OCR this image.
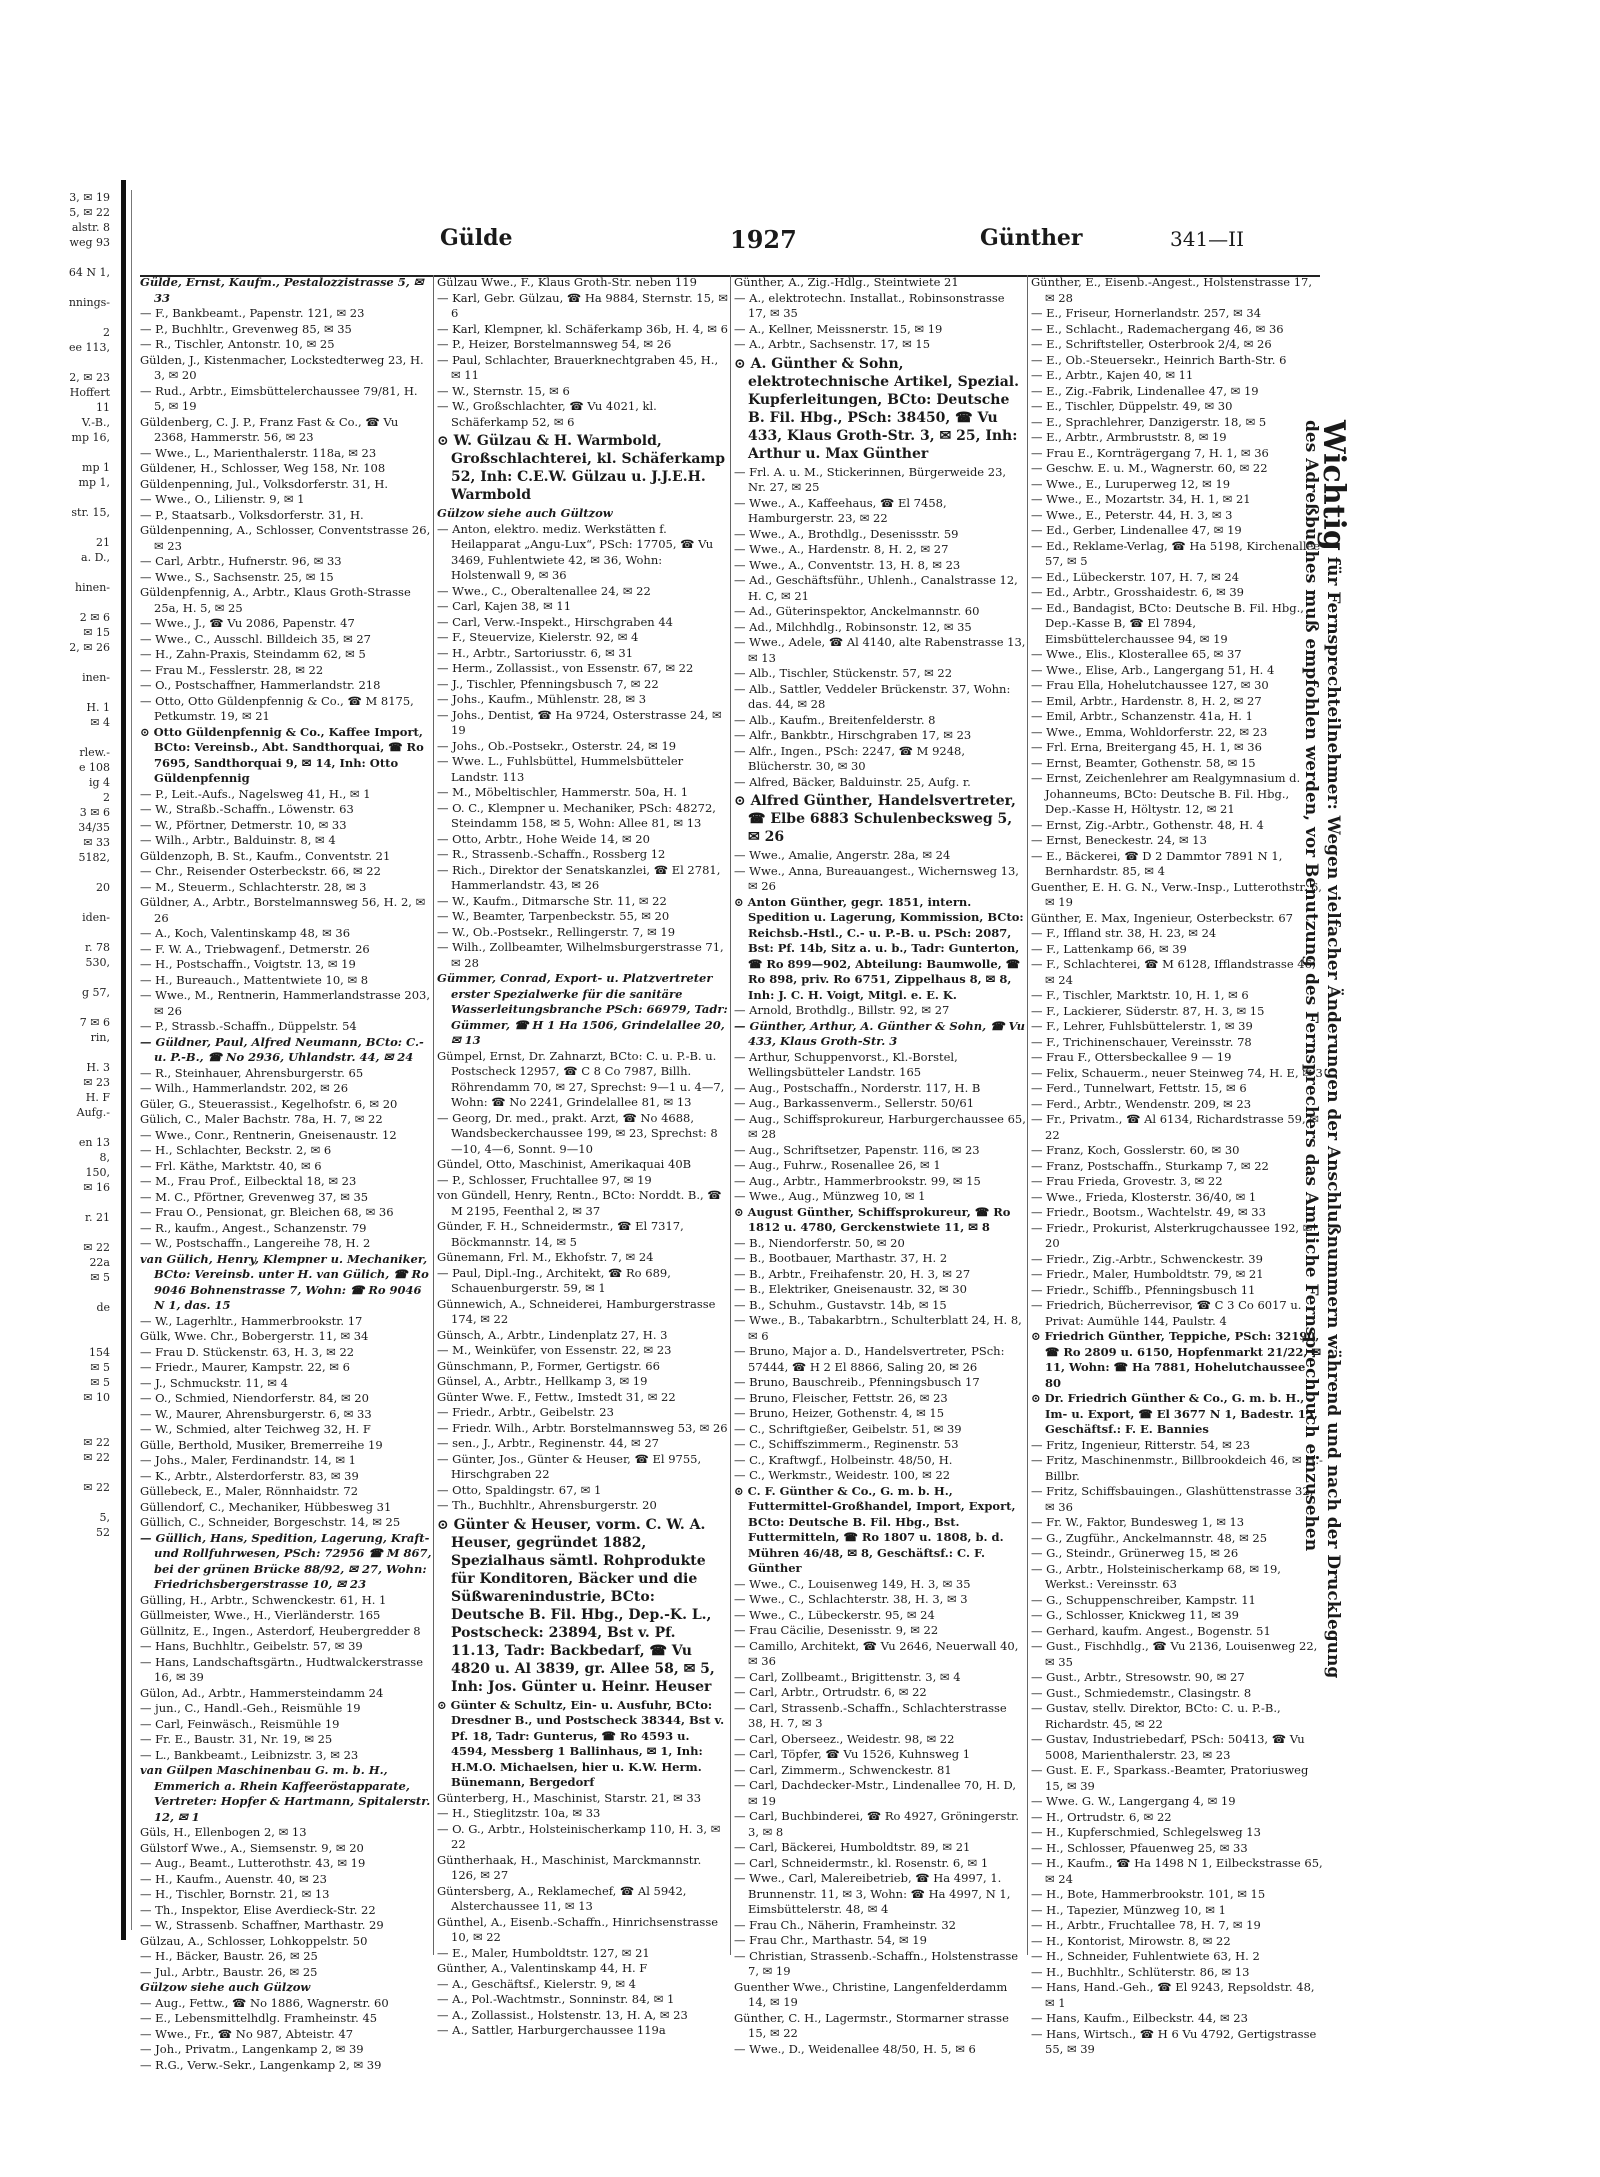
3, ✉ 19
5, ✉ 22
alstr. 8
weg 93

64 N 1,

nnings-

2
ee 113,

2, ✉ 23
Hoffert
11
V.-B.,
mp 16,

mp 1
mp 1,

str. 15,

21
a. D.,

hinen-

2 ✉ 6
✉ 15
2, ✉ 26

inen-

H. 1
✉ 4

rlew.-
e 108
ig 4
2
3 ✉ 6
34/35
✉ 33
5182,

20

iden-

r. 78
530,

g 57,

7 ✉ 6
rin,

H. 3
✉ 23
H. F
Aufg.-

en 13
8,
150,
✉ 16

r. 21

✉ 22
22a
✉ 5

de

154
✉ 5
✉ 5
✉ 10

✉ 22
✉ 22

✉ 22

5,
52
Gülde	1927	Günther	341—II

Gülde, Ernst, Kaufm., Pestalozzistrasse 5, ✉ 33

— F., Bankbeamt., Papenstr. 121, ✉ 23

— P., Buchhltr., Grevenweg 85, ✉ 35

— R., Tischler, Antonstr. 10, ✉ 25

Gülden, J., Kistenmacher, Lockstedterweg 23, H. 3, ✉ 20

— Rud., Arbtr., Eimsbüttelerchaussee 79/81, H. 5, ✉ 19

Güldenberg, C. J. P., Franz Fast & Co., ☎ Vu 2368, Hammerstr. 56, ✉ 23

— Wwe., L., Marienthalerstr. 118a, ✉ 23

Güldener, H., Schlosser, Weg 158, Nr. 108

Güldenpenning, Jul., Volksdorferstr. 31, H.

— Wwe., O., Lilienstr. 9, ✉ 1

— P., Staatsarb., Volksdorferstr. 31, H.

Güldenpenning, A., Schlosser, Conventstrasse 26, ✉ 23

— Carl, Arbtr., Hufnerstr. 96, ✉ 33

— Wwe., S., Sachsenstr. 25, ✉ 15

Güldenpfennig, A., Arbtr., Klaus Groth-Strasse 25a, H. 5, ✉ 25

— Wwe., J., ☎ Vu 2086, Papenstr. 47

— Wwe., C., Ausschl. Billdeich 35, ✉ 27

— H., Zahn-Praxis, Steindamm 62, ✉ 5

— Frau M., Fesslerstr. 28, ✉ 22

— O., Postschaffner, Hammerlandstr. 218

— Otto, Otto Güldenpfennig & Co., ☎ M 8175, Petkumstr. 19, ✉ 21

⊙ Otto Güldenpfennig & Co., Kaffee Import, BCto: Vereinsb., Abt. Sandthorquai, ☎ Ro 7695, Sandthorquai 9, ✉ 14, Inh: Otto Güldenpfennig

— P., Leit.-Aufs., Nagelsweg 41, H., ✉ 1

— W., Straßb.-Schaffn., Löwenstr. 63

— W., Pförtner, Detmerstr. 10, ✉ 33

— Wilh., Arbtr., Balduinstr. 8, ✉ 4

Güldenzoph, B. St., Kaufm., Conventstr. 21

— Chr., Reisender Osterbeckstr. 66, ✉ 22

— M., Steuerm., Schlachterstr. 28, ✉ 3

Güldner, A., Arbtr., Borstelmannsweg 56, H. 2, ✉ 26

— A., Koch, Valentinskamp 48, ✉ 36

— F. W. A., Triebwagenf., Detmerstr. 26

— H., Postschaffn., Voigtstr. 13, ✉ 19

— H., Bureauch., Mattentwiete 10, ✉ 8

— Wwe., M., Rentnerin, Hammerlandstrasse 203, ✉ 26

— P., Strassb.-Schaffn., Düppelstr. 54

— Güldner, Paul, Alfred Neumann, BCto: C.- u. P.-B., ☎ No 2936, Uhlandstr. 44, ✉ 24

— R., Steinhauer, Ahrensburgerstr. 65

— Wilh., Hammerlandstr. 202, ✉ 26

Güler, G., Steuerassist., Kegelhofstr. 6, ✉ 20

Gülich, C., Maler Bachstr. 78a, H. 7, ✉ 22

— Wwe., Conr., Rentnerin, Gneisenaustr. 12

— H., Schlachter, Beckstr. 2, ✉ 6

— Frl. Käthe, Marktstr. 40, ✉ 6

— M., Frau Prof., Eilbecktal 18, ✉ 23

— M. C., Pförtner, Grevenweg 37, ✉ 35

— Frau O., Pensionat, gr. Bleichen 68, ✉ 36

— R., kaufm., Angest., Schanzenstr. 79

— W., Postschaffn., Langereihe 78, H. 2

van Gülich, Henry, Klempner u. Mechaniker, BCto: Vereinsb. unter H. van Gülich, ☎ Ro 9046 Bohnenstrasse 7, Wohn: ☎ Ro 9046 N 1, das. 15

— W., Lagerhltr., Hammerbrookstr. 17

Gülk, Wwe. Chr., Bobergerstr. 11, ✉ 34

— Frau D. Stückenstr. 63, H. 3, ✉ 22

— Friedr., Maurer, Kampstr. 22, ✉ 6

— J., Schmuckstr. 11, ✉ 4

— O., Schmied, Niendorferstr. 84, ✉ 20

— W., Maurer, Ahrensburgerstr. 6, ✉ 33

— W., Schmied, alter Teichweg 32, H. F

Gülle, Berthold, Musiker, Bremerreihe 19

— Johs., Maler, Ferdinandstr. 14, ✉ 1

— K., Arbtr., Alsterdorferstr. 83, ✉ 39

Güllebeck, E., Maler, Rönnhaidstr. 72

Güllendorf, C., Mechaniker, Hübbesweg 31

Güllich, C., Schneider, Borgeschstr. 14, ✉ 25

— Güllich, Hans, Spedition, Lagerung, Kraft- und Rollfuhrwesen, PSch: 72956 ☎ M 867, bei der grünen Brücke 88/92, ✉ 27, Wohn: Friedrichsbergerstrasse 10, ✉ 23

Gülling, H., Arbtr., Schwenckestr. 61, H. 1

Güllmeister, Wwe., H., Vierländerstr. 165

Güllnitz, E., Ingen., Asterdorf, Heubergredder 8

— Hans, Buchhltr., Geibelstr. 57, ✉ 39

— Hans, Landschaftsgärtn., Hudtwalckerstrasse 16, ✉ 39

Gülon, Ad., Arbtr., Hammersteindamm 24

— jun., C., Handl.-Geh., Reismühle 19

— Carl, Feinwäsch., Reismühle 19

— Fr. E., Baustr. 31, Nr. 19, ✉ 25

— L., Bankbeamt., Leibnizstr. 3, ✉ 23

van Gülpen Maschinenbau G. m. b. H., Emmerich a. Rhein Kaffeeröstapparate, Vertreter: Hopfer & Hartmann, Spitalerstr. 12, ✉ 1

Güls, H., Ellenbogen 2, ✉ 13

Gülstorf Wwe., A., Siemsenstr. 9, ✉ 20

— Aug., Beamt., Lutterothstr. 43, ✉ 19

— H., Kaufm., Auenstr. 40, ✉ 23

— H., Tischler, Bornstr. 21, ✉ 13

— Th., Inspektor, Elise Averdieck-Str. 22

— W., Strassenb. Schaffner, Marthastr. 29

Gülzau, A., Schlosser, Lohkoppelstr. 50

— H., Bäcker, Baustr. 26, ✉ 25

— Jul., Arbtr., Baustr. 26, ✉ 25

Gülzow siehe auch Gülzow

— Aug., Fettw., ☎ No 1886, Wagnerstr. 60

— E., Lebensmittelhdlg. Framheinstr. 45

— Wwe., Fr., ☎ No 987, Abteistr. 47

— Joh., Privatm., Langenkamp 2, ✉ 39

— R.G., Verw.-Sekr., Langenkamp 2, ✉ 39

Gülzau Wwe., F., Klaus Groth-Str. neben 119

— Karl, Gebr. Gülzau, ☎ Ha 9884, Sternstr. 15, ✉ 6

— Karl, Klempner, kl. Schäferkamp 36b, H. 4, ✉ 6

— P., Heizer, Borstelmannsweg 54, ✉ 26

— Paul, Schlachter, Brauerknechtgraben 45, H., ✉ 11

— W., Sternstr. 15, ✉ 6

— W., Großschlachter, ☎ Vu 4021, kl. Schäferkamp 52, ✉ 6

⊙ W. Gülzau & H. Warmbold, Großschlachterei, kl. Schäferkamp 52, Inh: C.E.W. Gülzau u. J.J.E.H. Warmbold

Gülzow siehe auch Gültzow

— Anton, elektro. mediz. Werkstätten f. Heilapparat „Angu-Lux“, PSch: 17705, ☎ Vu 3469, Fuhlentwiete 42, ✉ 36, Wohn: Holstenwall 9, ✉ 36

— Wwe., C., Oberaltenallee 24, ✉ 22

— Carl, Kajen 38, ✉ 11

— Carl, Verw.-Inspekt., Hirschgraben 44

— F., Steuervize, Kielerstr. 92, ✉ 4

— H., Arbtr., Sartoriusstr. 6, ✉ 31

— Herm., Zollassist., von Essenstr. 67, ✉ 22

— J., Tischler, Pfenningsbusch 7, ✉ 22

— Johs., Kaufm., Mühlenstr. 28, ✉ 3

— Johs., Dentist, ☎ Ha 9724, Osterstrasse 24, ✉ 19

— Johs., Ob.-Postsekr., Osterstr. 24, ✉ 19

— Wwe. L., Fuhlsbüttel, Hummelsbütteler Landstr. 113

— M., Möbeltischler, Hammerstr. 50a, H. 1

— O. C., Klempner u. Mechaniker, PSch: 48272, Steindamm 158, ✉ 5, Wohn: Allee 81, ✉ 13

— Otto, Arbtr., Hohe Weide 14, ✉ 20

— R., Strassenb.-Schaffn., Rossberg 12

— Rich., Direktor der Senatskanzlei, ☎ El 2781, Hammerlandstr. 43, ✉ 26

— W., Kaufm., Ditmarsche Str. 11, ✉ 22

— W., Beamter, Tarpenbeckstr. 55, ✉ 20

— W., Ob.-Postsekr., Rellingerstr. 7, ✉ 19

— Wilh., Zollbeamter, Wilhelmsburgerstrasse 71, ✉ 28

Gümmer, Conrad, Export- u. Platzvertreter erster Spezialwerke für die sanitäre Wasserleitungsbranche PSch: 66979, Tadr: Gümmer, ☎ H 1 Ha 1506, Grindelallee 20, ✉ 13

Gümpel, Ernst, Dr. Zahnarzt, BCto: C. u. P.-B. u. Postscheck 12957, ☎ C 8 Co 7987, Billh. Röhrendamm 70, ✉ 27, Sprechst: 9—1 u. 4—7, Wohn: ☎ No 2241, Grindelallee 81, ✉ 13

— Georg, Dr. med., prakt. Arzt, ☎ No 4688, Wandsbeckerchaussee 199, ✉ 23, Sprechst: 8—10, 4—6, Sonnt. 9—10

Gündel, Otto, Maschinist, Amerikaquai 40B

— P., Schlosser, Fruchtallee 97, ✉ 19

von Gündell, Henry, Rentn., BCto: Norddt. B., ☎ M 2195, Feenthal 2, ✉ 37

Günder, F. H., Schneidermstr., ☎ El 7317, Böckmannstr. 14, ✉ 5

Günemann, Frl. M., Ekhofstr. 7, ✉ 24

— Paul, Dipl.-Ing., Architekt, ☎ Ro 689, Schauenburgerstr. 59, ✉ 1

Günnewich, A., Schneiderei, Hamburgerstrasse 174, ✉ 22

Günsch, A., Arbtr., Lindenplatz 27, H. 3

— M., Weinküfer, von Essenstr. 22, ✉ 23

Günschmann, P., Former, Gertigstr. 66

Günsel, A., Arbtr., Hellkamp 3, ✉ 19

Günter Wwe. F., Fettw., Imstedt 31, ✉ 22

— Friedr., Arbtr., Geibelstr. 23

— Friedr. Wilh., Arbtr. Borstelmannsweg 53, ✉ 26

— sen., J., Arbtr., Reginenstr. 44, ✉ 27

— Günter, Jos., Günter & Heuser, ☎ El 9755, Hirschgraben 22

— Otto, Spaldingstr. 67, ✉ 1

— Th., Buchhltr., Ahrensburgerstr. 20

⊙ Günter & Heuser, vorm. C. W. A. Heuser, gegründet 1882, Spezialhaus sämtl. Rohprodukte für Konditoren, Bäcker und die Süßwarenindustrie, BCto: Deutsche B. Fil. Hbg., Dep.-K. L., Postscheck: 23894, Bst v. Pf. 11.13, Tadr: Backbedarf, ☎ Vu 4820 u. Al 3839, gr. Allee 58, ✉ 5, Inh: Jos. Günter u. Heinr. Heuser

⊙ Günter & Schultz, Ein- u. Ausfuhr, BCto: Dresdner B., und Postscheck 38344, Bst v. Pf. 18, Tadr: Gunterus, ☎ Ro 4593 u. 4594, Messberg 1 Ballinhaus, ✉ 1, Inh: H.M.O. Michaelsen, hier u. K.W. Herm. Bünemann, Bergedorf

Günterberg, H., Maschinist, Starstr. 21, ✉ 33

— H., Stieglitzstr. 10a, ✉ 33

— O. G., Arbtr., Holsteinischerkamp 110, H. 3, ✉ 22

Güntherhaak, H., Maschinist, Marckmannstr. 126, ✉ 27

Güntersberg, A., Reklamechef, ☎ Al 5942, Alsterchaussee 11, ✉ 13

Günthel, A., Eisenb.-Schaffn., Hinrichsenstrasse 10, ✉ 22

— E., Maler, Humboldtstr. 127, ✉ 21

Günther, A., Valentinskamp 44, H. F

— A., Geschäftsf., Kielerstr. 9, ✉ 4

— A., Pol.-Wachtmstr., Sonninstr. 84, ✉ 1

— A., Zollassist., Holstenstr. 13, H. A, ✉ 23

— A., Sattler, Harburgerchaussee 119a

Günther, A., Zig.-Hdlg., Steintwiete 21

— A., elektrotechn. Installat., Robinsonstrasse 17, ✉ 35

— A., Kellner, Meissnerstr. 15, ✉ 19

— A., Arbtr., Sachsenstr. 17, ✉ 15

⊙ A. Günther & Sohn, elektrotechnische Artikel, Spezial. Kupferleitungen, BCto: Deutsche B. Fil. Hbg., PSch: 38450, ☎ Vu 433, Klaus Groth-Str. 3, ✉ 25, Inh: Arthur u. Max Günther

— Frl. A. u. M., Stickerinnen, Bürgerweide 23, Nr. 27, ✉ 25

— Wwe., A., Kaffeehaus, ☎ El 7458, Hamburgerstr. 23, ✉ 22

— Wwe., A., Brothdlg., Desenissstr. 59

— Wwe., A., Hardenstr. 8, H. 2, ✉ 27

— Wwe., A., Conventstr. 13, H. 8, ✉ 23

— Ad., Geschäftsführ., Uhlenh., Canalstrasse 12, H. C, ✉ 21

— Ad., Güterinspektor, Anckelmannstr. 60

— Ad., Milchhdlg., Robinsonstr. 12, ✉ 35

— Wwe., Adele, ☎ Al 4140, alte Rabenstrasse 13, ✉ 13

— Alb., Tischler, Stückenstr. 57, ✉ 22

— Alb., Sattler, Veddeler Brückenstr. 37, Wohn: das. 44, ✉ 28

— Alb., Kaufm., Breitenfelderstr. 8

— Alfr., Bankbtr., Hirschgraben 17, ✉ 23

— Alfr., Ingen., PSch: 2247, ☎ M 9248, Blücherstr. 30, ✉ 30

— Alfred, Bäcker, Balduinstr. 25, Aufg. r.

⊙ Alfred Günther, Handelsvertreter, ☎ Elbe 6883 Schulenbecksweg 5, ✉ 26

— Wwe., Amalie, Angerstr. 28a, ✉ 24

— Wwe., Anna, Bureauangest., Wichernsweg 13, ✉ 26

⊙ Anton Günther, gegr. 1851, intern. Spedition u. Lagerung, Kommission, BCto: Reichsb.-Hstl., C.- u. P.-B. u. PSch: 2087, Bst: Pf. 14b, Sitz a. u. b., Tadr: Gunterton, ☎ Ro 899—902, Abteilung: Baumwolle, ☎ Ro 898, priv. Ro 6751, Zippelhaus 8, ✉ 8, Inh: J. C. H. Voigt, Mitgl. e. E. K.

— Arnold, Brothdlg., Billstr. 92, ✉ 27

— Günther, Arthur, A. Günther & Sohn, ☎ Vu 433, Klaus Groth-Str. 3

— Arthur, Schuppenvorst., Kl.-Borstel, Wellingsbütteler Landstr. 165

— Aug., Postschaffn., Norderstr. 117, H. B

— Aug., Barkassenverm., Sellerstr. 50/61

— Aug., Schiffsprokureur, Harburgerchaussee 65, ✉ 28

— Aug., Schriftsetzer, Papenstr. 116, ✉ 23

— Aug., Fuhrw., Rosenallee 26, ✉ 1

— Aug., Arbtr., Hammerbrookstr. 99, ✉ 15

— Wwe., Aug., Münzweg 10, ✉ 1

⊙ August Günther, Schiffsprokureur, ☎ Ro 1812 u. 4780, Gerckenstwiete 11, ✉ 8

— B., Niendorferstr. 50, ✉ 20

— B., Bootbauer, Marthastr. 37, H. 2

— B., Arbtr., Freihafenstr. 20, H. 3, ✉ 27

— B., Elektriker, Gneisenaustr. 32, ✉ 30

— B., Schuhm., Gustavstr. 14b, ✉ 15

— Wwe., B., Tabakarbtrn., Schulterblatt 24, H. 8, ✉ 6

— Bruno, Major a. D., Handelsvertreter, PSch: 57444, ☎ H 2 El 8866, Saling 20, ✉ 26

— Bruno, Bauschreib., Pfenningsbusch 17

— Bruno, Fleischer, Fettstr. 26, ✉ 23

— Bruno, Heizer, Gothenstr. 4, ✉ 15

— C., Schriftgießer, Geibelstr. 51, ✉ 39

— C., Schiffszimmerm., Reginenstr. 53

— C., Kraftwgf., Holbeinstr. 48/50, H.

— C., Werkmstr., Weidestr. 100, ✉ 22

⊙ C. F. Günther & Co., G. m. b. H., Futtermittel-Großhandel, Import, Export, BCto: Deutsche B. Fil. Hbg., Bst. Futtermitteln, ☎ Ro 1807 u. 1808, b. d. Mühren 46/48, ✉ 8, Geschäftsf.: C. F. Günther

— Wwe., C., Louisenweg 149, H. 3, ✉ 35

— Wwe., C., Schlachterstr. 38, H. 3, ✉ 3

— Wwe., C., Lübeckerstr. 95, ✉ 24

— Frau Cäcilie, Desenisstr. 9, ✉ 22

— Camillo, Architekt, ☎ Vu 2646, Neuerwall 40, ✉ 36

— Carl, Zollbeamt., Brigittenstr. 3, ✉ 4

— Carl, Arbtr., Ortrudstr. 6, ✉ 22

— Carl, Strassenb.-Schaffn., Schlachterstrasse 38, H. 7, ✉ 3

— Carl, Oberseez., Weidestr. 98, ✉ 22

— Carl, Töpfer, ☎ Vu 1526, Kuhnsweg 1

— Carl, Zimmerm., Schwenckestr. 81

— Carl, Dachdecker-Mstr., Lindenallee 70, H. D, ✉ 19

— Carl, Buchbinderei, ☎ Ro 4927, Gröningerstr. 3, ✉ 8

— Carl, Bäckerei, Humboldtstr. 89, ✉ 21

— Carl, Schneidermstr., kl. Rosenstr. 6, ✉ 1

— Wwe., Carl, Malereibetrieb, ☎ Ha 4997, 1. Brunnenstr. 11, ✉ 3, Wohn: ☎ Ha 4997, N 1, Eimsbüttelerstr. 48, ✉ 4

— Frau Ch., Näherin, Framheinstr. 32

— Frau Chr., Marthastr. 54, ✉ 19

— Christian, Strassenb.-Schaffn., Holstenstrasse 7, ✉ 19

Guenther Wwe., Christine, Langenfelderdamm 14, ✉ 19

Günther, C. H., Lagermstr., Stormarner strasse 15, ✉ 22

— Wwe., D., Weidenallee 48/50, H. 5, ✉ 6

Günther, E., Eisenb.-Angest., Holstenstrasse 17, ✉ 28

— E., Friseur, Hornerlandstr. 257, ✉ 34

— E., Schlacht., Rademachergang 46, ✉ 36

— E., Schriftsteller, Osterbrook 2/4, ✉ 26

— E., Ob.-Steuersekr., Heinrich Barth-Str. 6

— E., Arbtr., Kajen 40, ✉ 11

— E., Zig.-Fabrik, Lindenallee 47, ✉ 19

— E., Tischler, Düppelstr. 49, ✉ 30

— E., Sprachlehrer, Danzigerstr. 18, ✉ 5

— E., Arbtr., Armbruststr. 8, ✉ 19

— Frau E., Kornträgergang 7, H. 1, ✉ 36

— Geschw. E. u. M., Wagnerstr. 60, ✉ 22

— Wwe., E., Luruperweg 12, ✉ 19

— Wwe., E., Mozartstr. 34, H. 1, ✉ 21

— Wwe., E., Peterstr. 44, H. 3, ✉ 3

— Ed., Gerber, Lindenallee 47, ✉ 19

— Ed., Reklame-Verlag, ☎ Ha 5198, Kirchenallee 57, ✉ 5

— Ed., Lübeckerstr. 107, H. 7, ✉ 24

— Ed., Arbtr., Grosshaidestr. 6, ✉ 39

— Ed., Bandagist, BCto: Deutsche B. Fil. Hbg., Dep.-Kasse B, ☎ El 7894, Eimsbüttelerchaussee 94, ✉ 19

— Wwe., Elis., Klosterallee 65, ✉ 37

— Wwe., Elise, Arb., Langergang 51, H. 4

— Frau Ella, Hohelutchaussee 127, ✉ 30

— Emil, Arbtr., Hardenstr. 8, H. 2, ✉ 27

— Emil, Arbtr., Schanzenstr. 41a, H. 1

— Wwe., Emma, Wohldorferstr. 22, ✉ 23

— Frl. Erna, Breitergang 45, H. 1, ✉ 36

— Ernst, Beamter, Gothenstr. 58, ✉ 15

— Ernst, Zeichenlehrer am Realgymnasium d. Johanneums, BCto: Deutsche B. Fil. Hbg., Dep.-Kasse H, Höltystr. 12, ✉ 21

— Ernst, Zig.-Arbtr., Gothenstr. 48, H. 4

— Ernst, Beneckestr. 24, ✉ 13

— E., Bäckerei, ☎ D 2 Dammtor 7891 N 1, Bernhardstr. 85, ✉ 4

Guenther, E. H. G. N., Verw.-Insp., Lutterothstr. 6, ✉ 19

Günther, E. Max, Ingenieur, Osterbeckstr. 67

— F., Iffland str. 38, H. 23, ✉ 24

— F., Lattenkamp 66, ✉ 39

— F., Schlachterei, ☎ M 6128, Ifflandstrasse 46, ✉ 24

— F., Tischler, Marktstr. 10, H. 1, ✉ 6

— F., Lackierer, Süderstr. 87, H. 3, ✉ 15

— F., Lehrer, Fuhlsbüttelerstr. 1, ✉ 39

— F., Trichinenschauer, Vereinsstr. 78

— Frau F., Ottersbeckallee 9 — 19

— Felix, Schauerm., neuer Steinweg 74, H. E, ✉ 3

— Ferd., Tunnelwart, Fettstr. 15, ✉ 6

— Ferd., Arbtr., Wendenstr. 209, ✉ 23

— Fr., Privatm., ☎ Al 6134, Richardstrasse 59, ✉ 22

— Franz, Koch, Gosslerstr. 60, ✉ 30

— Franz, Postschaffn., Sturkamp 7, ✉ 22

— Frau Frieda, Grovestr. 3, ✉ 22

— Wwe., Frieda, Klosterstr. 36/40, ✉ 1

— Friedr., Bootsm., Wachtelstr. 49, ✉ 33

— Friedr., Prokurist, Alsterkrugchaussee 192, ✉ 20

— Friedr., Zig.-Arbtr., Schwenckestr. 39

— Friedr., Maler, Humboldtstr. 79, ✉ 21

— Friedr., Schiffb., Pfenningsbusch 11

— Friedrich, Bücherrevisor, ☎ C 3 Co 6017 u. Privat: Aumühle 144, Paulstr. 4

⊙ Friedrich Günther, Teppiche, PSch: 32190, ☎ Ro 2809 u. 6150, Hopfenmarkt 21/22, ✉ 11, Wohn: ☎ Ha 7881, Hohelutchaussee 80

⊙ Dr. Friedrich Günther & Co., G. m. b. H., Im- u. Export, ☎ El 3677 N 1, Badestr. 15, Geschäftsf.: F. E. Bannies

— Fritz, Ingenieur, Ritterstr. 54, ✉ 23

— Fritz, Maschinenmstr., Billbrookdeich 46, ✉ H.-Billbr.

— Fritz, Schiffsbauingen., Glashüttenstrasse 32, ✉ 36

— Fr. W., Faktor, Bundesweg 1, ✉ 13

— G., Zugführ., Anckelmannstr. 48, ✉ 25

— G., Steindr., Grünerweg 15, ✉ 26

— G., Arbtr., Holsteinischerkamp 68, ✉ 19, Werkst.: Vereinsstr. 63

— G., Schuppenschreiber, Kampstr. 11

— G., Schlosser, Knickweg 11, ✉ 39

— Gerhard, kaufm. Angest., Bogenstr. 51

— Gust., Fischhdlg., ☎ Vu 2136, Louisenweg 22, ✉ 35

— Gust., Arbtr., Stresowstr. 90, ✉ 27

— Gust., Schmiedemstr., Clasingstr. 8

— Gustav, stellv. Direktor, BCto: C. u. P.-B., Richardstr. 45, ✉ 22

— Gustav, Industriebedarf, PSch: 50413, ☎ Vu 5008, Marienthalerstr. 23, ✉ 23

— Gust. E. F., Sparkass.-Beamter, Pratoriusweg 15, ✉ 39

— Wwe. G. W., Langergang 4, ✉ 19

— H., Ortrudstr. 6, ✉ 22

— H., Kupferschmied, Schlegelsweg 13

— H., Schlosser, Pfauenweg 25, ✉ 33

— H., Kaufm., ☎ Ha 1498 N 1, Eilbeckstrasse 65, ✉ 24

— H., Bote, Hammerbrookstr. 101, ✉ 15

— H., Tapezier, Münzweg 10, ✉ 1

— H., Arbtr., Fruchtallee 78, H. 7, ✉ 19

— H., Kontorist, Mirowstr. 8, ✉ 22

— H., Schneider, Fuhlentwiete 63, H. 2

— H., Buchhltr., Schlüterstr. 86, ✉ 13

— Hans, Hand.-Geh., ☎ El 9243, Repsoldstr. 48, ✉ 1

— Hans, Kaufm., Eilbeckstr. 44, ✉ 23

— Hans, Wirtsch., ☎ H 6 Vu 4792, Gertigstrasse 55, ✉ 39

Wichtig für Fernsprechteilnehmer: Wegen vielfacher Änderungen der Anschlußnummern während und nach der Drucklegung
des Adreßbuches muß empfohlen werden, vor Benutzung des Fernsprechers das Amtliche Fernsprechbuch einzusehen
